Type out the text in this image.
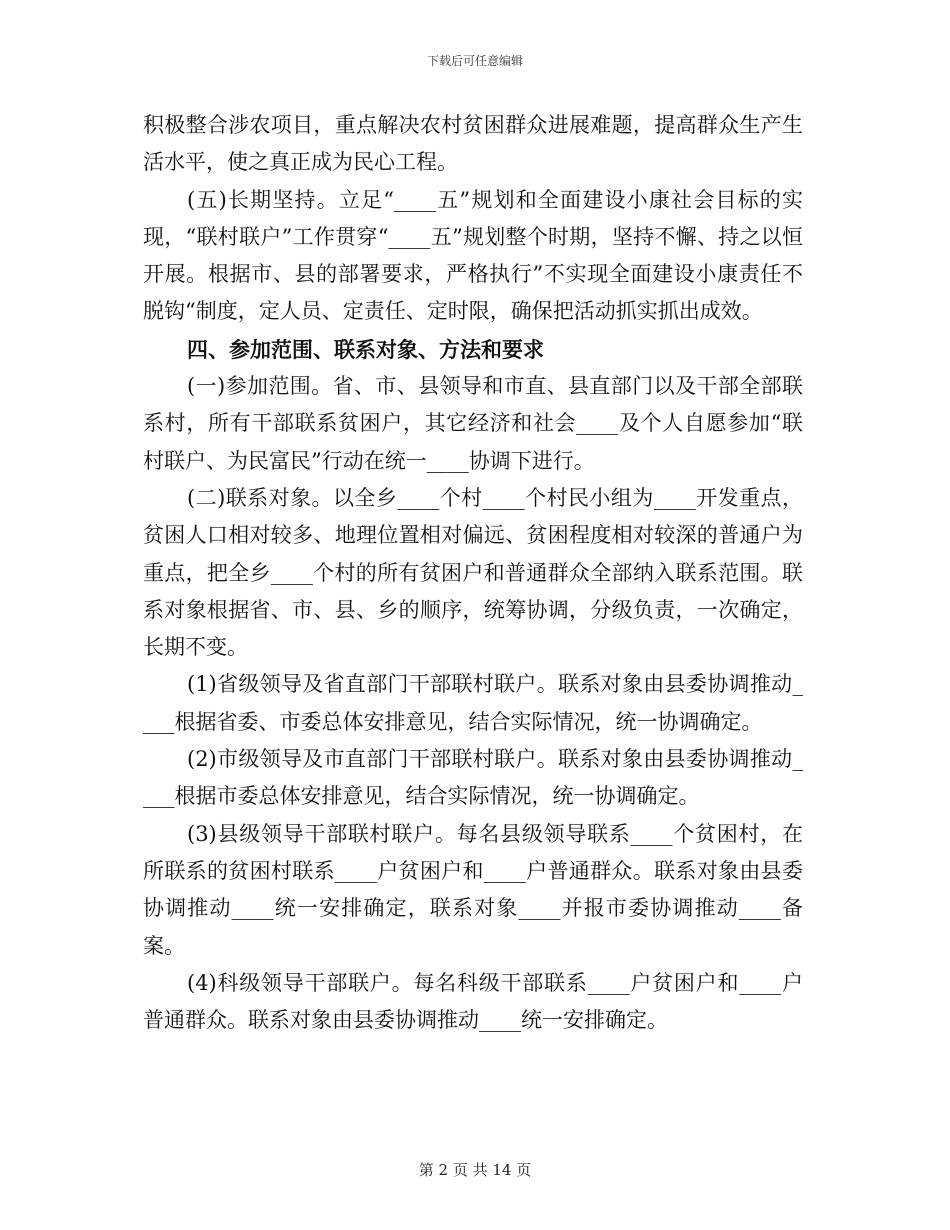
下载后可任意编辑

积极整合涉农项目，重点解决农村贫困群众进展难题，提高群众生产生活水平，使之真正成为民心工程。

(五)长期坚持。立足“____五”规划和全面建设小康社会目标的实现，“联村联户”工作贯穿“____五”规划整个时期，坚持不懈、持之以恒开展。根据市、县的部署要求，严格执行”不实现全面建设小康责任不脱钩“制度，定人员、定责任、定时限，确保把活动抓实抓出成效。

四、参加范围、联系对象、方法和要求

(一)参加范围。省、市、县领导和市直、县直部门以及干部全部联系村，所有干部联系贫困户，其它经济和社会____及个人自愿参加“联村联户、为民富民”行动在统一____协调下进行。

(二)联系对象。以全乡____个村____个村民小组为____开发重点，贫困人口相对较多、地理位置相对偏远、贫困程度相对较深的普通户为重点，把全乡____个村的所有贫困户和普通群众全部纳入联系范围。联系对象根据省、市、县、乡的顺序，统筹协调，分级负责，一次确定，长期不变。

(1)省级领导及省直部门干部联村联户。联系对象由县委协调推动____根据省委、市委总体安排意见，结合实际情况，统一协调确定。

(2)市级领导及市直部门干部联村联户。联系对象由县委协调推动____根据市委总体安排意见，结合实际情况，统一协调确定。

(3)县级领导干部联村联户。每名县级领导联系____个贫困村，在所联系的贫困村联系____户贫困户和____户普通群众。联系对象由县委协调推动____统一安排确定，联系对象____并报市委协调推动____备案。

(4)科级领导干部联户。每名科级干部联系____户贫困户和____户普通群众。联系对象由县委协调推动____统一安排确定。

第 2 页 共 14 页
